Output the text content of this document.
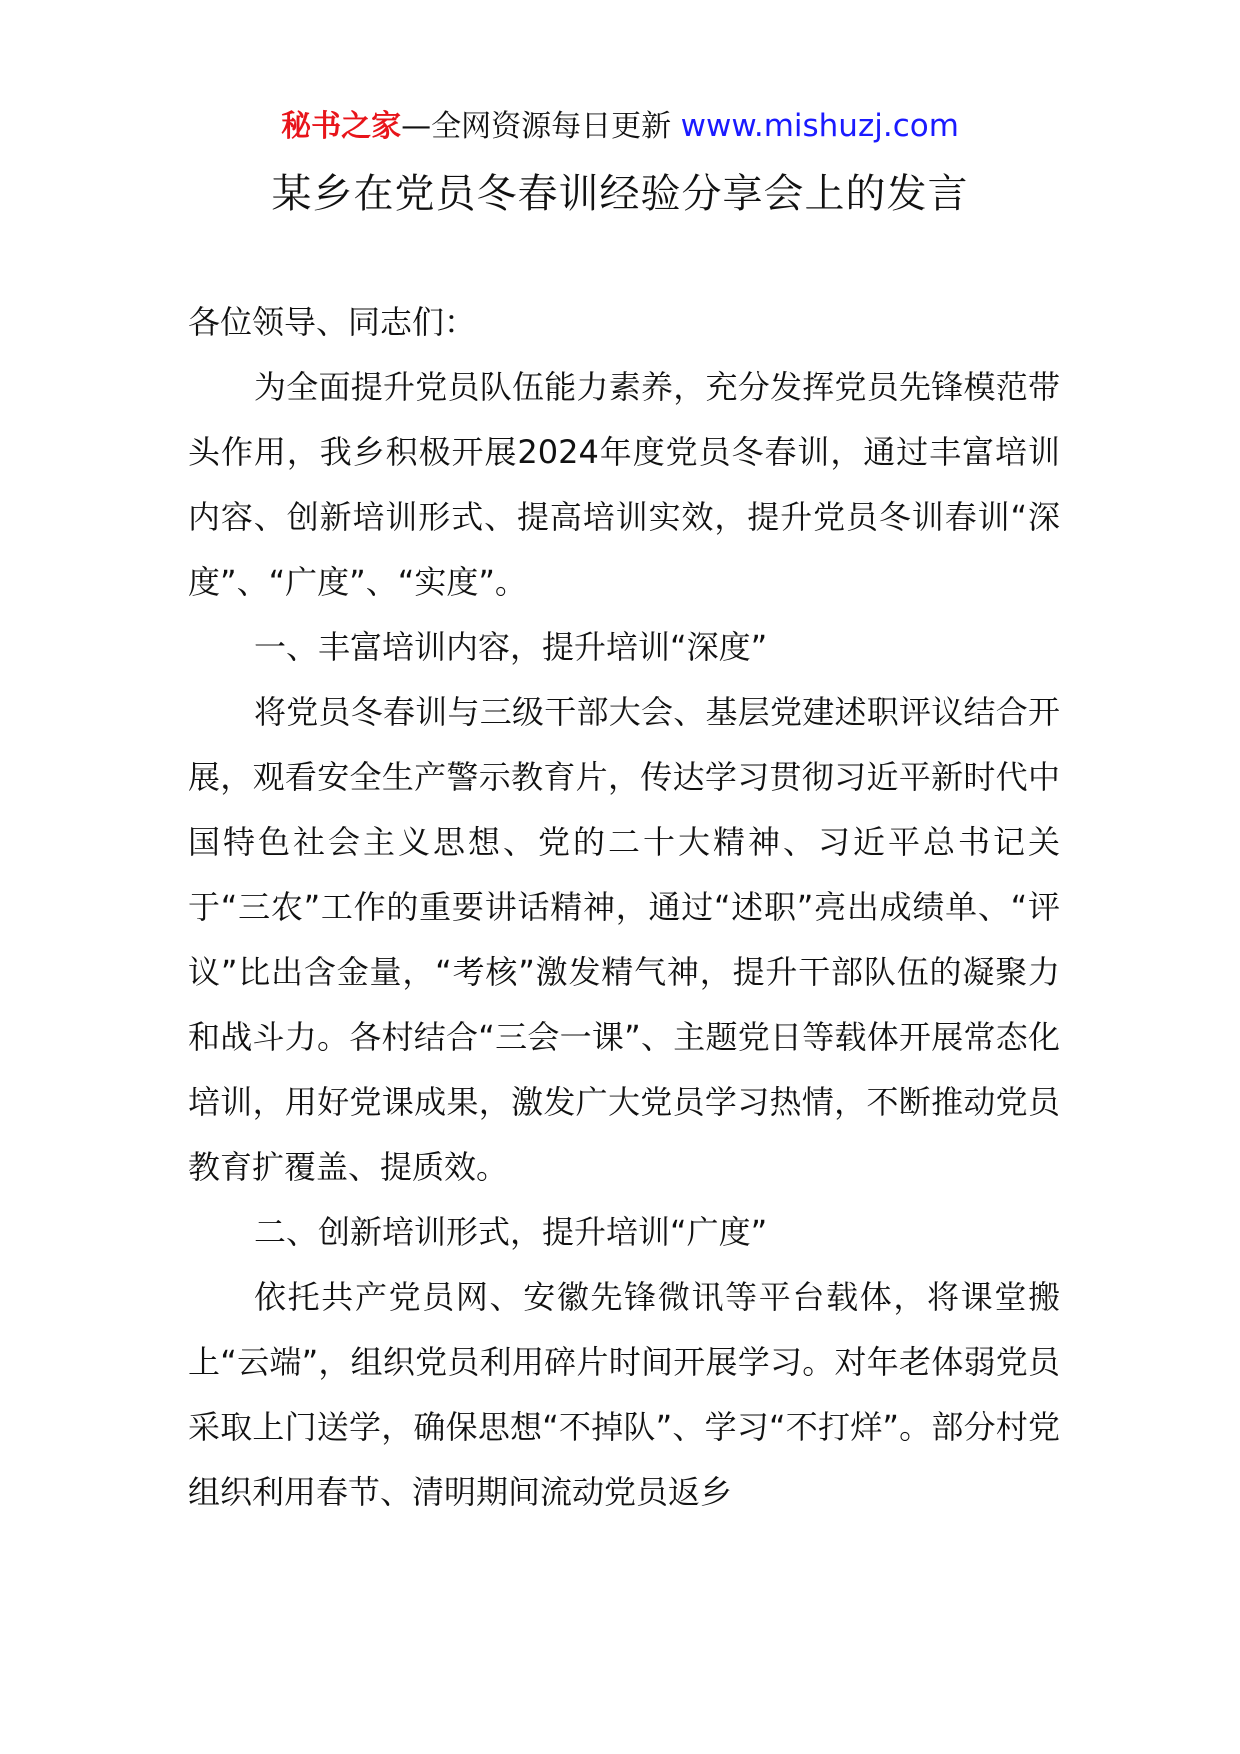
秘书之家—全网资源每日更新 www.mishuzj.com
某乡在党员冬春训经验分享会上的发言

各位领导、同志们：

为全面提升党员队伍能力素养，充分发挥党员先锋模范带头作用，我乡积极开展2024年度党员冬春训，通过丰富培训内容、创新培训形式、提高培训实效，提升党员冬训春训“深度”、“广度”、“实度”。

一、丰富培训内容，提升培训“深度”

将党员冬春训与三级干部大会、基层党建述职评议结合开展，观看安全生产警示教育片，传达学习贯彻习近平新时代中国特色社会主义思想、党的二十大精神、习近平总书记关于“三农”工作的重要讲话精神，通过“述职”亮出成绩单、“评议”比出含金量，“考核”激发精气神，提升干部队伍的凝聚力和战斗力。各村结合“三会一课”、主题党日等载体开展常态化培训，用好党课成果，激发广大党员学习热情，不断推动党员教育扩覆盖、提质效。

二、创新培训形式，提升培训“广度”

依托共产党员网、安徽先锋微讯等平台载体，将课堂搬上“云端”，组织党员利用碎片时间开展学习。对年老体弱党员采取上门送学，确保思想“不掉队”、学习“不打烊”。部分村党组织利用春节、清明期间流动党员返乡
